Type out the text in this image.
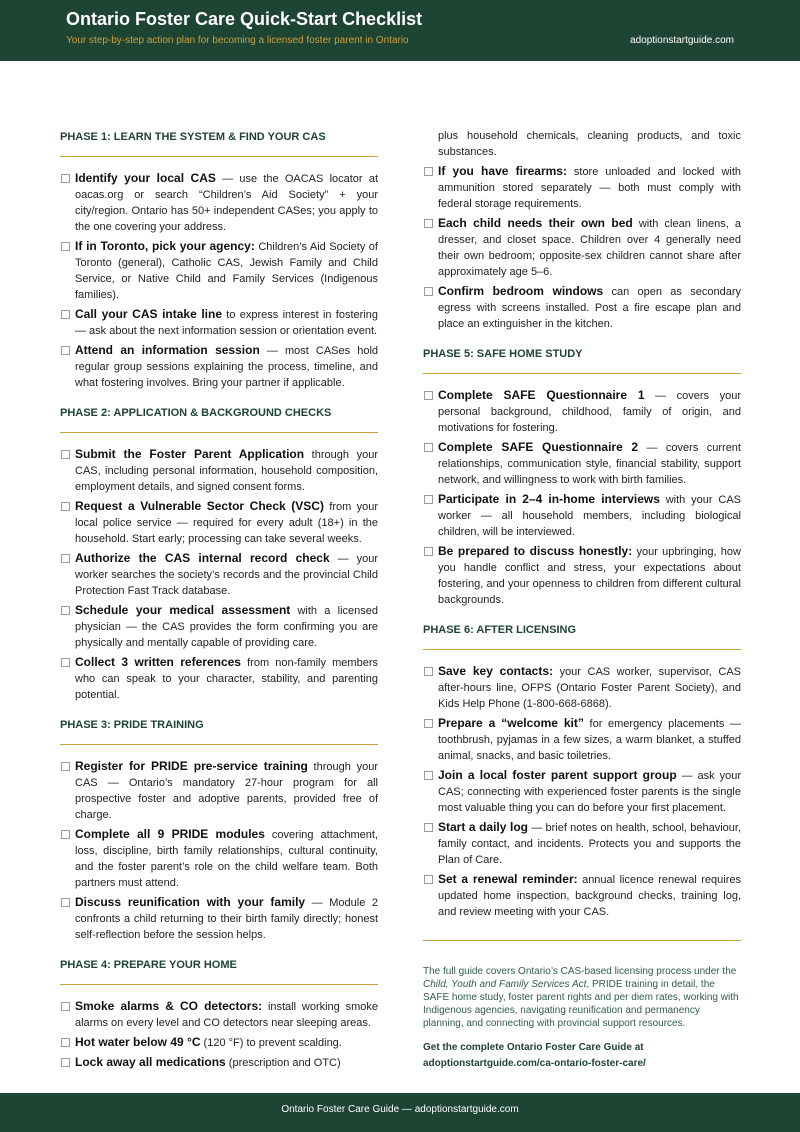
Ontario Foster Care Quick-Start Checklist
Your step-by-step action plan for becoming a licensed foster parent in Ontario	adoptionstartguide.com
PHASE 1: LEARN THE SYSTEM & FIND YOUR CAS
Identify your local CAS — use the OACAS locator at oacas.org or search “Children’s Aid Society” + your city/region. Ontario has 50+ independent CASes; you apply to the one covering your address.
If in Toronto, pick your agency: Children’s Aid Society of Toronto (general), Catholic CAS, Jewish Family and Child Service, or Native Child and Family Services (Indigenous families).
Call your CAS intake line to express interest in fostering — ask about the next information session or orientation event.
Attend an information session — most CASes hold regular group sessions explaining the process, timeline, and what fostering involves. Bring your partner if applicable.
PHASE 2: APPLICATION & BACKGROUND CHECKS
Submit the Foster Parent Application through your CAS, including personal information, household composition, employment details, and signed consent forms.
Request a Vulnerable Sector Check (VSC) from your local police service — required for every adult (18+) in the household. Start early; processing can take several weeks.
Authorize the CAS internal record check — your worker searches the society’s records and the provincial Child Protection Fast Track database.
Schedule your medical assessment with a licensed physician — the CAS provides the form confirming you are physically and mentally capable of providing care.
Collect 3 written references from non-family members who can speak to your character, stability, and parenting potential.
PHASE 3: PRIDE TRAINING
Register for PRIDE pre-service training through your CAS — Ontario’s mandatory 27-hour program for all prospective foster and adoptive parents, provided free of charge.
Complete all 9 PRIDE modules covering attachment, loss, discipline, birth family relationships, cultural continuity, and the foster parent’s role on the child welfare team. Both partners must attend.
Discuss reunification with your family — Module 2 confronts a child returning to their birth family directly; honest self-reflection before the session helps.
PHASE 4: PREPARE YOUR HOME
Smoke alarms & CO detectors: install working smoke alarms on every level and CO detectors near sleeping areas.
Hot water below 49 °C (120 °F) to prevent scalding.
Lock away all medications (prescription and OTC)
plus household chemicals, cleaning products, and toxic substances.
If you have firearms: store unloaded and locked with ammunition stored separately — both must comply with federal storage requirements.
Each child needs their own bed with clean linens, a dresser, and closet space. Children over 4 generally need their own bedroom; opposite-sex children cannot share after approximately age 5–6.
Confirm bedroom windows can open as secondary egress with screens installed. Post a fire escape plan and place an extinguisher in the kitchen.
PHASE 5: SAFE HOME STUDY
Complete SAFE Questionnaire 1 — covers your personal background, childhood, family of origin, and motivations for fostering.
Complete SAFE Questionnaire 2 — covers current relationships, communication style, financial stability, support network, and willingness to work with birth families.
Participate in 2–4 in-home interviews with your CAS worker — all household members, including biological children, will be interviewed.
Be prepared to discuss honestly: your upbringing, how you handle conflict and stress, your expectations about fostering, and your openness to children from different cultural backgrounds.
PHASE 6: AFTER LICENSING
Save key contacts: your CAS worker, supervisor, CAS after-hours line, OFPS (Ontario Foster Parent Society), and Kids Help Phone (1-800-668-6868).
Prepare a “welcome kit” for emergency placements — toothbrush, pyjamas in a few sizes, a warm blanket, a stuffed animal, snacks, and basic toiletries.
Join a local foster parent support group — ask your CAS; connecting with experienced foster parents is the single most valuable thing you can do before your first placement.
Start a daily log — brief notes on health, school, behaviour, family contact, and incidents. Protects you and supports the Plan of Care.
Set a renewal reminder: annual licence renewal requires updated home inspection, background checks, training log, and review meeting with your CAS.
The full guide covers Ontario’s CAS-based licensing process under the Child, Youth and Family Services Act, PRIDE training in detail, the SAFE home study, foster parent rights and per diem rates, working with Indigenous agencies, navigating reunification and permanency planning, and connecting with provincial support resources.
Get the complete Ontario Foster Care Guide at
adoptionstartguide.com/ca-ontario-foster-care/
Ontario Foster Care Guide — adoptionstartguide.com
